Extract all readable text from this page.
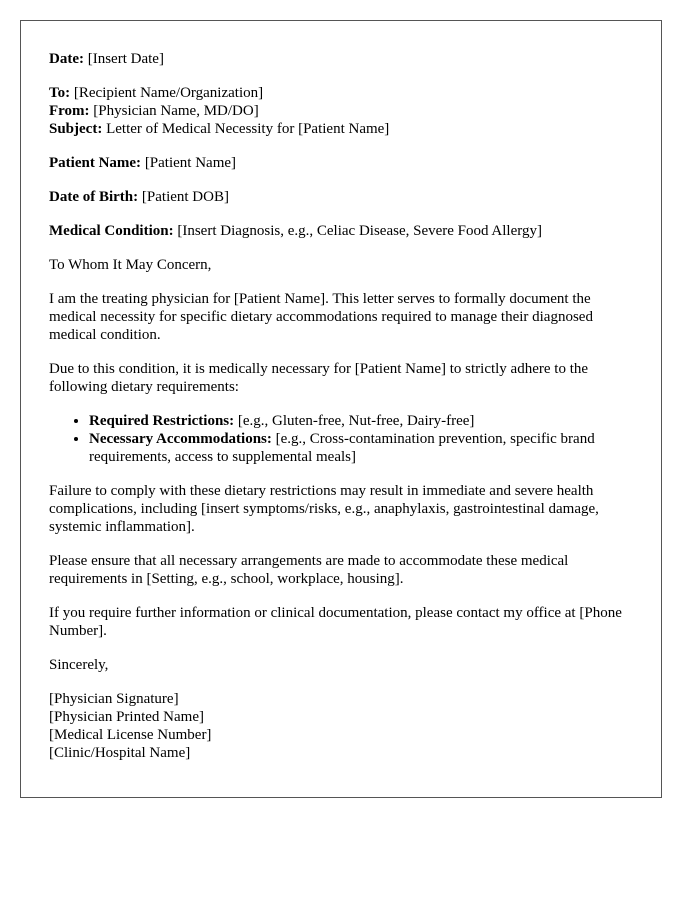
Date: [Insert Date]
To: [Recipient Name/Organization]
From: [Physician Name, MD/DO]
Subject: Letter of Medical Necessity for [Patient Name]
Patient Name: [Patient Name]
Date of Birth: [Patient DOB]
Medical Condition: [Insert Diagnosis, e.g., Celiac Disease, Severe Food Allergy]

To Whom It May Concern,

I am the treating physician for [Patient Name]. This letter serves to formally document the medical necessity for specific dietary accommodations required to manage their diagnosed medical condition.

Due to this condition, it is medically necessary for [Patient Name] to strictly adhere to the following dietary requirements:

• Required Restrictions: [e.g., Gluten-free, Nut-free, Dairy-free]
• Necessary Accommodations: [e.g., Cross-contamination prevention, specific brand requirements, access to supplemental meals]

Failure to comply with these dietary restrictions may result in immediate and severe health complications, including [insert symptoms/risks, e.g., anaphylaxis, gastrointestinal damage, systemic inflammation].

Please ensure that all necessary arrangements are made to accommodate these medical requirements in [Setting, e.g., school, workplace, housing].

If you require further information or clinical documentation, please contact my office at [Phone Number].

Sincerely,

[Physician Signature]
[Physician Printed Name]
[Medical License Number]
[Clinic/Hospital Name]
